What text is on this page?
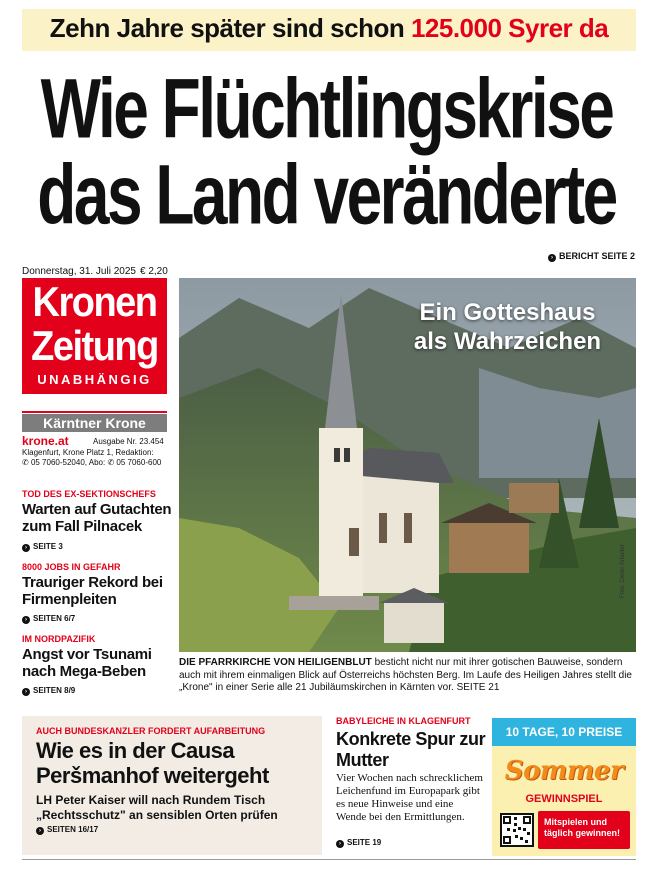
Zehn Jahre später sind schon 125.000 Syrer da
Wie Flüchtlingskrise
das Land veränderte
› BERICHT SEITE 2
Donnerstag, 31. Juli 2025 € 2,20
Kronen
Zeitung
UNABHÄNGIG
Kärntner Krone
krone.at	Ausgabe Nr. 23.454
Klagenfurt, Krone Platz 1, Redaktion:
✆ 05 7060-52040, Abo: ✆ 05 7060-600
TOD DES EX-SEKTIONSCHEFS
Warten auf Gutachten zum Fall Pilnacek
› SEITE 3
8000 JOBS IN GEFAHR
Trauriger Rekord bei Firmenpleiten
› SEITEN 6/7
IM NORDPAZIFIK
Angst vor Tsunami nach Mega-Beben
› SEITEN 8/9
Ein Gotteshaus
als Wahrzeichen
Foto: Dieter Arbeiter
DIE PFARRKIRCHE VON HEILIGENBLUT besticht nicht nur mit ihrer gotischen Bauweise, sondern auch mit ihrem einmaligen Blick auf Österreichs höchsten Berg. Im Laufe des Heiligen Jahres stellt die „Krone" in einer Serie alle 21 Jubiläumskirchen in Kärnten vor. SEITE 21
AUCH BUNDESKANZLER FORDERT AUFARBEITUNG
Wie es in der Causa Peršmanhof weitergeht
LH Peter Kaiser will nach Rundem Tisch „Rechtsschutz" an sensiblen Orten prüfen
› SEITEN 16/17
BABYLEICHE IN KLAGENFURT
Konkrete Spur zur Mutter
Vier Wochen nach schrecklichem Leichenfund im Europapark gibt es neue Hinweise und eine Wende bei den Ermittlungen.
› SEITE 19
10 TAGE, 10 PREISE
Sommer
GEWINNSPIEL
Mitspielen und täglich gewinnen!
